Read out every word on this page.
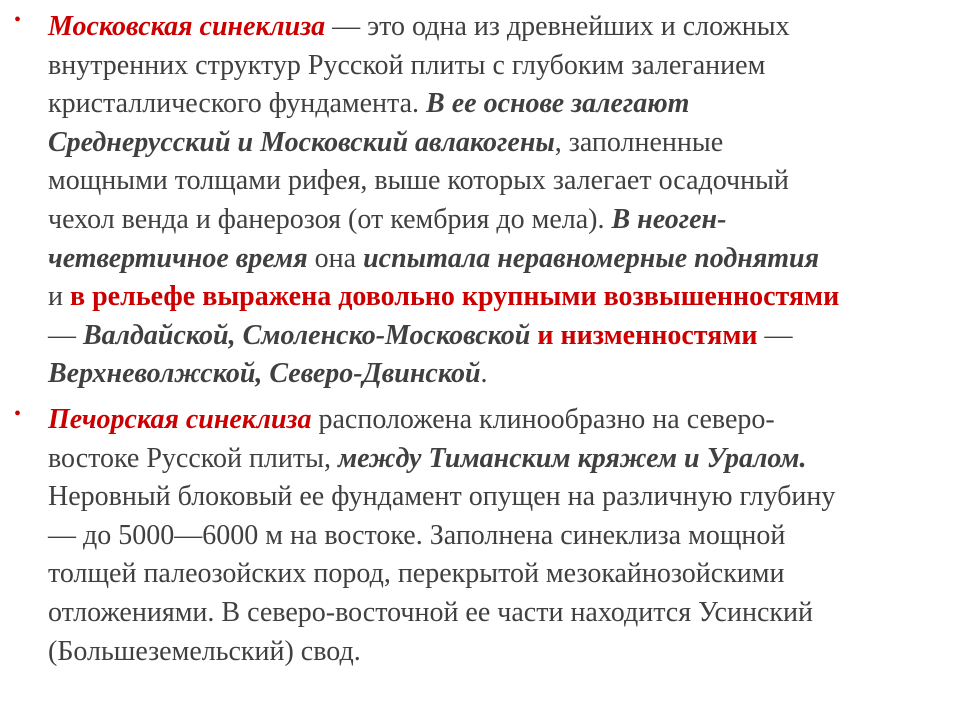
• Московская синеклиза — это одна из древнейших и сложных
внутренних структур Русской плиты с глубоким залеганием
кристаллического фундамента. В ее основе залегают
Среднерусский и Московский авлакогены, заполненные
мощными толщами рифея, выше которых залегает осадочный
чехол венда и фанерозоя (от кембрия до мела). В неоген-
четвертичное время она испытала неравномерные поднятия
и в рельефе выражена довольно крупными возвышенностями
— Валдайской, Смоленско-Московской и низменностями —
Верхневолжской, Северо-Двинской.

• Печорская синеклиза расположена клинообразно на северо-
востоке Русской плиты, между Тиманским кряжем и Уралом.
Неровный блоковый ее фундамент опущен на различную глубину
— до 5000—6000 м на востоке. Заполнена синеклиза мощной
толщей палеозойских пород, перекрытой мезокайнозойскими
отложениями. В северо-восточной ее части находится Усинский
(Большеземельский) свод.
